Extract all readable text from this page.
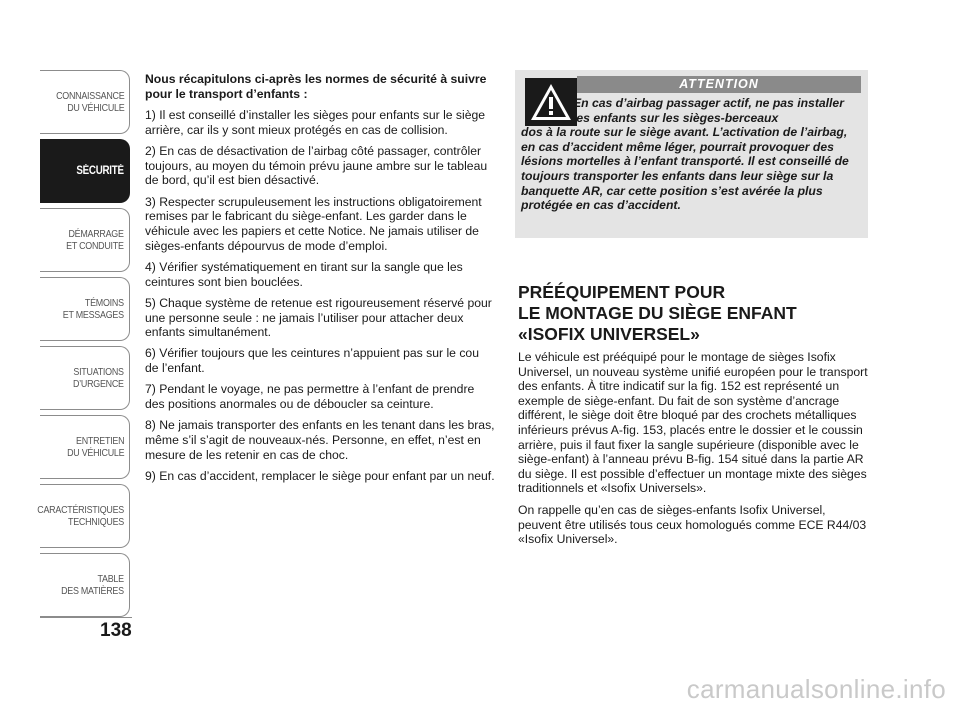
CONNAISSANCE
DU VÉHICULE
SÉCURITÉ
DÉMARRAGE
ET CONDUITE
TÉMOINS
ET MESSAGES
SITUATIONS
D’URGENCE
ENTRETIEN
DU VÉHICULE
CARACTÉRISTIQUES
TECHNIQUES
TABLE
DES MATIÈRES
138

Nous récapitulons ci-après les normes de sécurité à suivre pour le transport d’enfants :

1) Il est conseillé d’installer les sièges pour enfants sur le siège arrière, car ils y sont mieux protégés en cas de collision.

2) En cas de désactivation de l’airbag côté passager, contrôler toujours, au moyen du témoin prévu jaune ambre sur le tableau de bord, qu’il est bien désactivé.

3) Respecter scrupuleusement les instructions obligatoirement remises par le fabricant du siège-enfant. Les garder dans le véhicule avec les papiers et cette Notice. Ne jamais utiliser de sièges-enfants dépourvus de mode d’emploi.

4) Vérifier systématiquement en tirant sur la sangle que les ceintures sont bien bouclées.

5) Chaque système de retenue est rigoureusement réservé pour une personne seule : ne jamais l’utiliser pour attacher deux enfants simultanément.

6) Vérifier toujours que les ceintures n’appuient pas sur le cou de l’enfant.

7) Pendant le voyage, ne pas permettre à l’enfant de prendre des positions anormales ou de déboucler sa ceinture.

8) Ne jamais transporter des enfants en les tenant dans les bras, même s’il s’agit de nouveaux-nés. Personne, en effet, n’est en mesure de les retenir en cas de choc.

9) En cas d’accident, remplacer le siège pour enfant par un neuf.

ATTENTION
En cas d’airbag passager actif, ne pas installer les enfants sur les sièges-berceaux
dos à la route sur le siège avant. L’activation de l’airbag, en cas d’accident même léger, pourrait provoquer des lésions mortelles à l’enfant transporté. Il est conseillé de toujours transporter les enfants dans leur siège sur la banquette AR, car cette position s’est avérée la plus protégée en cas d’accident.
PRÉÉQUIPEMENT POUR
LE MONTAGE DU SIÈGE ENFANT
«ISOFIX UNIVERSEL»

Le véhicule est prééquipé pour le montage de sièges Isofix Universel, un nouveau système unifié européen pour le transport des enfants. À titre indicatif sur la fig. 152 est représenté un exemple de siège-enfant. Du fait de son système d’ancrage différent, le siège doit être bloqué par des crochets métalliques inférieurs prévus A-fig. 153, placés entre le dossier et le coussin arrière, puis il faut fixer la sangle supérieure (disponible avec le siège-enfant) à l’anneau prévu B-fig. 154 situé dans la partie AR du siège. Il est possible d’effectuer un montage mixte des sièges traditionnels et «Isofix Universels».

On rappelle qu’en cas de sièges-enfants Isofix Universel, peuvent être utilisés tous ceux homologués comme ECE R44/03 «Isofix Universel».

carmanualsonline.info
